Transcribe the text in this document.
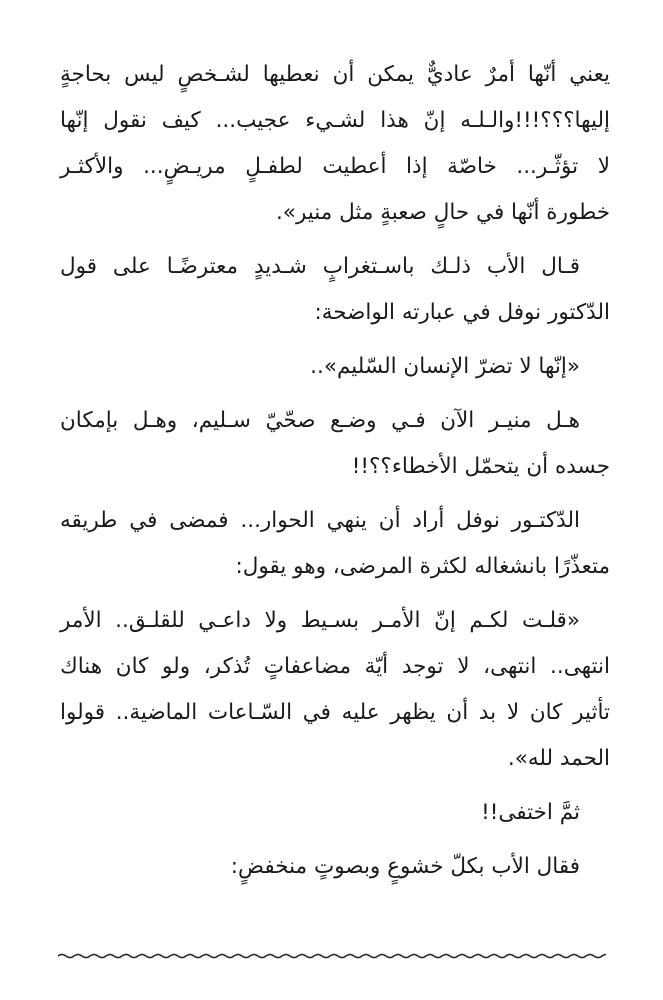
يعني أنّها أمرٌ عاديٌّ يمكن أن نعطيها لشـخصٍ ليس بحاجةٍ
إليها؟؟؟!!!والـلـه إنّ هذا لشـيء عجيب... كيف نقول إنّها
لا تؤثّـر... خاصّة إذا أعطيت لطفـلٍ مريـضٍ... والأكثـر
خطورة أنّها في حالٍ صعبةٍ مثل منير».
قـال الأب ذلـك باسـتغرابٍ شـديدٍ معترضًـا على قول
الدّكتور نوفل في عبارته الواضحة:
«إنّها لا تضرّ الإنسان السّليم»..
هـل منيـر الآن فـي وضـع صحّيّ سـليم، وهـل بإمكان
جسده أن يتحمّل الأخطاء؟؟!!
الدّكتـور نوفل أراد أن ينهي الحوار... فمضى في طريقه
متعذّرًا بانشغاله لكثرة المرضى، وهو يقول:
«قلـت لكـم إنّ الأمـر بسـيط ولا داعـي للقلـق.. الأمر
انتهى.. انتهى، لا توجد أيّة مضاعفاتٍ تُذكر، ولو كان هناك
تأثير كان لا بد أن يظهر عليه في السّـاعات الماضية.. قولوا
الحمد لله».
ثمَّ اختفى!!
فقال الأب بكلّ خشوعٍ وبصوتٍ منخفضٍ:
